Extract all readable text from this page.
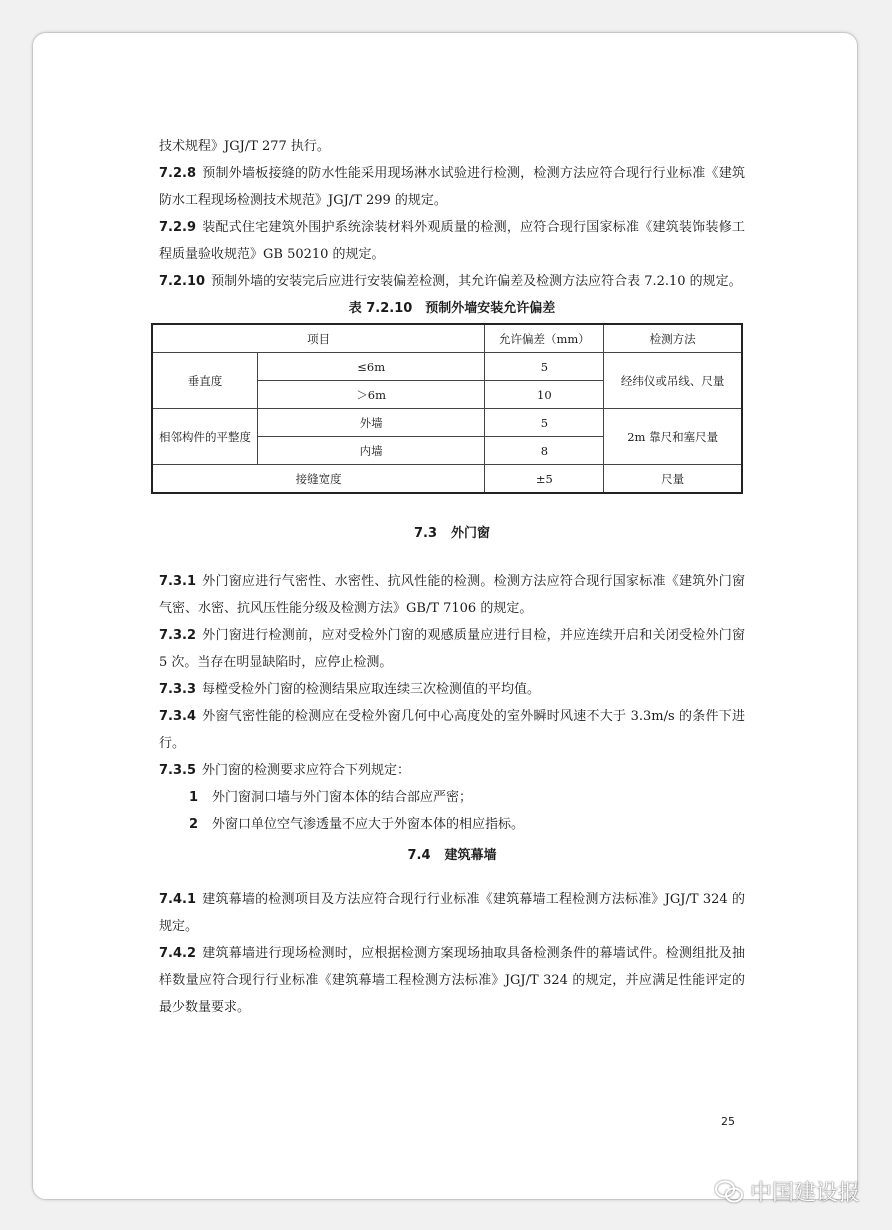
技术规程》JGJ/T 277 执行。

7.2.8 预制外墙板接缝的防水性能采用现场淋水试验进行检测，检测方法应符合现行行业标准《建筑防水工程现场检测技术规范》JGJ/T 299 的规定。

7.2.9 装配式住宅建筑外围护系统涂装材料外观质量的检测，应符合现行国家标准《建筑装饰装修工程质量验收规范》GB 50210 的规定。

7.2.10 预制外墙的安装完后应进行安装偏差检测，其允许偏差及检测方法应符合表 7.2.10 的规定。

表 7.2.10　预制外墙安装允许偏差
项目		允许偏差（mm）	检测方法
垂直度	≤6m	5	经纬仪或吊线、尺量
	＞6m	10	
相邻构件的平整度	外墙	5	2m 靠尺和塞尺量
	内墙	8	
接缝宽度		±5	尺量
7.3 外门窗

7.3.1 外门窗应进行气密性、水密性、抗风性能的检测。检测方法应符合现行国家标准《建筑外门窗气密、水密、抗风压性能分级及检测方法》GB/T 7106 的规定。

7.3.2 外门窗进行检测前，应对受检外门窗的观感质量应进行目检，并应连续开启和关闭受检外门窗 5 次。当存在明显缺陷时，应停止检测。

7.3.3 每樘受检外门窗的检测结果应取连续三次检测值的平均值。

7.3.4 外窗气密性能的检测应在受检外窗几何中心高度处的室外瞬时风速不大于 3.3m/s 的条件下进行。

7.3.5 外门窗的检测要求应符合下列规定：

1 外门窗洞口墙与外门窗本体的结合部应严密；

2 外窗口单位空气渗透量不应大于外窗本体的相应指标。

7.4 建筑幕墙

7.4.1 建筑幕墙的检测项目及方法应符合现行行业标准《建筑幕墙工程检测方法标准》JGJ/T 324 的规定。

7.4.2 建筑幕墙进行现场检测时，应根据检测方案现场抽取具备检测条件的幕墙试件。检测组批及抽样数量应符合现行行业标准《建筑幕墙工程检测方法标准》JGJ/T 324 的规定，并应满足性能评定的最少数量要求。

25
中国建设报
